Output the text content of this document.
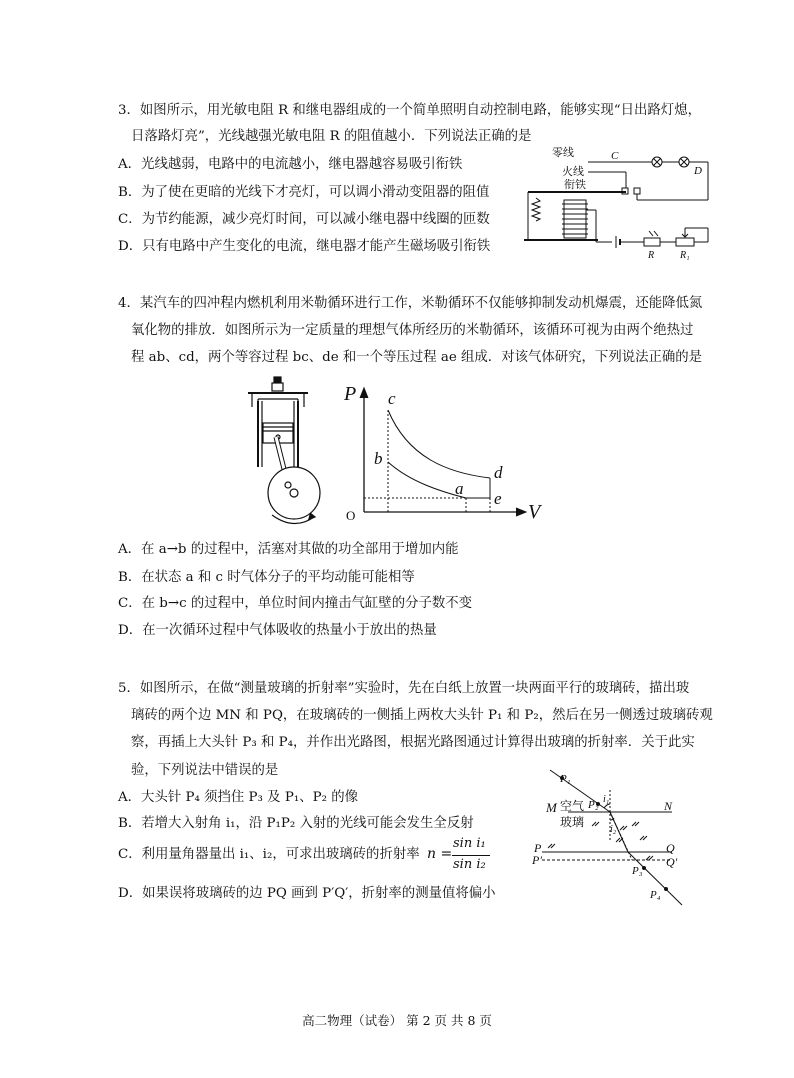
3．如图所示，用光敏电阻 R 和继电器组成的一个简单照明自动控制电路，能够实现“日出路灯熄，
日落路灯亮”，光线越强光敏电阻 R 的阻值越小．下列说法正确的是
A．光线越弱，电路中的电流越小，继电器越容易吸引衔铁
B．为了使在更暗的光线下才亮灯，可以调小滑动变阻器的阻值
C．为节约能源，减少亮灯时间，可以减小继电器中线圈的匝数
D．只有电路中产生变化的电流，继电器才能产生磁场吸引衔铁
零线
火线
衔铁
C
D
R	R₁
4．某汽车的四冲程内燃机利用米勒循环进行工作，米勒循环不仅能够抑制发动机爆震，还能降低氮
氧化物的排放．如图所示为一定质量的理想气体所经历的米勒循环，该循环可视为由两个绝热过
程 ab、cd，两个等容过程 bc、de 和一个等压过程 ae 组成．对该气体研究，下列说法正确的是
P
V
O
c
b
a
d
e
A．在 a→b 的过程中，活塞对其做的功全部用于增加内能
B．在状态 a 和 c 时气体分子的平均动能可能相等
C．在 b→c 的过程中，单位时间内撞击气缸壁的分子数不变
D．在一次循环过程中气体吸收的热量小于放出的热量
5．如图所示，在做“测量玻璃的折射率”实验时，先在白纸上放置一块两面平行的玻璃砖，描出玻
璃砖的两个边 MN 和 PQ，在玻璃砖的一侧插上两枚大头针 P₁ 和 P₂，然后在另一侧透过玻璃砖观
察，再插上大头针 P₃ 和 P₄，并作出光路图，根据光路图通过计算得出玻璃的折射率．关于此实
验，下列说法中错误的是
A．大头针 P₄ 须挡住 P₃ 及 P₁、P₂ 的像
B．若增大入射角 i₁，沿 P₁P₂ 入射的光线可能会发生全反射
C．利用量角器量出 i₁、i₂，可求出玻璃砖的折射率 n =
sin i₁
sin i₂
D．如果误将玻璃砖的边 PQ 画到 P′Q′，折射率的测量值将偏小
P₁
P₂
P₃
P₄
M	N
P	Q
P′	Q′
空气
玻璃
i₁
i₂
高二物理（试卷） 第 2 页 共 8 页
